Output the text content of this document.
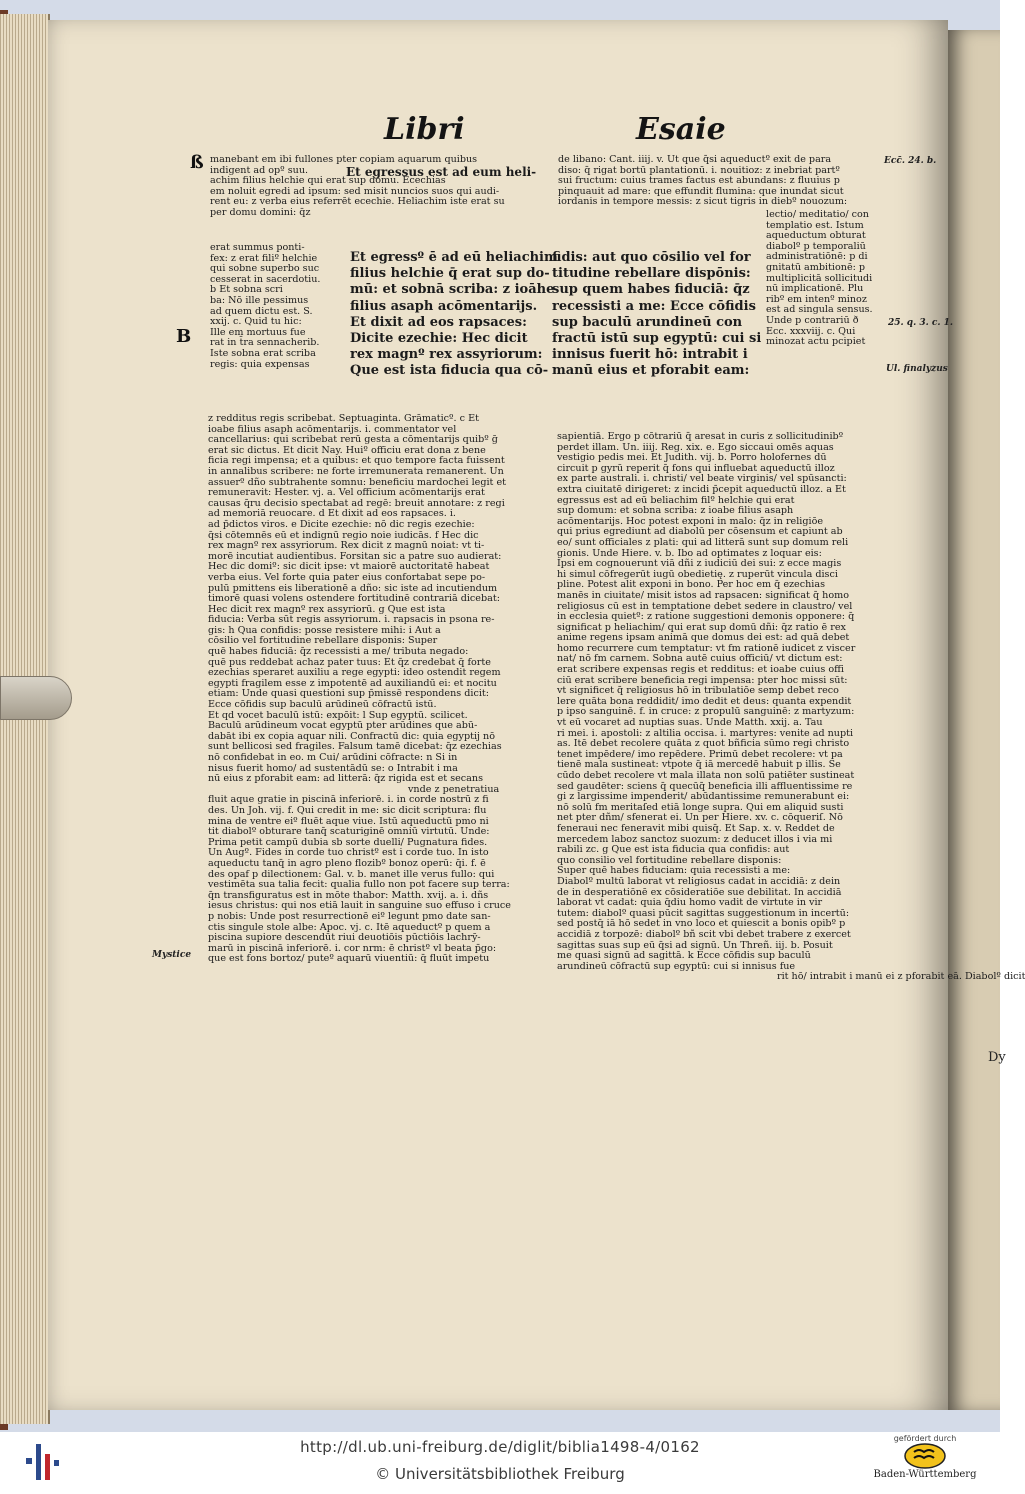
Dy
Libri	Esaie
ß manebant em ibi fullones pter copiam aquarum quibus
indigent ad opº suu.
achim filius helchie qui erat sup domu. Ecechias
em noluit egredi ad ipsum: sed misit nuncios suos qui audi-
rent eu: z verba eius referrēt ecechie. Heliachim iste erat su
per domu domini: q̄z
Et egressus est ad eum heli-
erat summus ponti-
fex: z erat filiº helchie
qui sobne superbo suc
cesserat in sacerdotiu.
b Et sobna scri
ba: Nō ille pessimus
ad quem dictu est. S.
xxij. c. Quid tu hic:
Ille em mortuus fue
rat in t̄ra sennacherib.
Iste sobna erat scriba
regis: quia expensas
B
Et egressº ē ad eū heliachim
filius helchie q̄ erat sup do-
mū: et sobnā scriba: z ioāhe
filius asaph acōmentarijs.
Et dixit ad eos rapsaces:
Dicite ezechie: Hec dicit
rex magnº rex assyriorum:
Que est ista fiducia qua cō-
z redditus regis scribebat. Septuaginta. Grāmaticº. c Et
ioabe filius asaph acōmentarijs. i. commentator vel
cancellarius: qui scribebat rerū gesta a cōmentarijs quibº ḡ
erat sic dictus. Et dicit Nay. Huiº officiu erat dona z bene
ficia regi impensa; et a quibus: et quo tempore facta fuissent
in annalibus scribere: ne forte irremunerata remanerent. Un
assuerº dño subtrahente somnu: beneficiu mardochei legit et
remuneravit: Hester. vj. a. Vel officium acōmentarijs erat
causas q̄ru decisio spectabat ad regē: breuit annotare: z regi
ad memoriā reuocare. d Et dixit ad eos rapsaces. i.
ad p̄dictos viros. e Dicite ezechie: nō dic regis ezechie:
q̄si cōtemnēs eū et indignū regio noie iudicās. f Hec dic
rex magnº rex assyriorum. Rex dicit z magnū noiat: vt ti-
morē incutiat audientibus. Forsitan sic a patre suo audierat:
Hec dic domiº: sic dicit ipse: vt maiorē auctoritatē habeat
verba eius. Vel forte quia pater eius confortabat sepe po-
pulū pmittens eis liberationē a dño: sic iste ad incutiendum
timorē quasi volens ostendere fortitudinē contrariā dicebat:
Hec dicit rex magnº rex assyriorū. g Que est ista
fiducia: Verba sūt regis assyriorum. i. rapsacis in psona re-
gis: h Qua confidis: posse resistere mihi: i Aut a
cōsilio vel fortitudine rebellare disponis: Super
quē habes fiduciā: q̄z recessisti a me/ tributa negado:
quē pus reddebat achaz pater tuus: Et q̄z credebat q̄ forte
ezechias speraret auxiliu a rege egypti: ideo ostendit regem
egypti fragilem esse z impotentē ad auxiliandū ei: et nocitu
etiam: Unde quasi questioni sup p̄missē respondens dicit:
Ecce cōfidis sup baculū arūdineū cōfractū istū.
Et qd vocet baculū istū: expōit: l Sup egyptū. scilicet.
Baculū arūdineum vocat egyptū pter arūdines que abū-
dabāt ibi ex copia aquar nili. Confractū dic: quia egyptij nō
sunt bellicosi sed fragiles. Falsum tamē dicebat: q̄z ezechias
nō confidebat in eo. m Cui/ arūdini cōfracte: n Si in
nisus fuerit homo/ ad sustentādū se: o Intrabit i ma
nū eius z pforabit eam: ad litterā: q̄z rigida est et secans
vnde z penetratiua
fluit aque gratie in piscinā inferiorē. i. in corde nostrū z fi
des. Un Joh. vij. f. Qui credit in me: sic dicit scriptura: flu
mina de ventre eiº fluēt aque viue. Istū aqueductū pmo ni
tit diabolº obturare tanq̄ scaturiginē omniū virtutū. Unde:
Prima petit campū dubia sb sorte duelli/ Pugnatura fides.
Un Augº. Fides in corde tuo christº est i corde tuo. In isto
aqueductu tanq̄ in agro pleno flozibº bonoz operū: q̄i. f. ē
des opaf p dilectionem: Gal. v. b. manet ille verus fullo: qui
vestimēta sua talia fecit: qualia fullo non pot facere sup terra:
q̄n transfiguratus est in mōte thabor: Matth. xvij. a. i. dñs
iesus christus: qui nos etiā lauit in sanguine suo effuso i cruce
p nobis: Unde post resurrectionē eiº legunt pmo date san-
ctis singule stole albe: Apoc. vj. c. Itē aqueductº p quem a
piscina supiore descendūt riui deuotiōis pūctiōis lachrȳ-
marū in piscinā inferiorē. i. cor nrm: ē christº vl beata p̄go:
que est fons bortoz/ puteº aquarū viuentiū: q̄ fluūt impetu
Mystice
de libano: Cant. iiij. v. Ut que q̄si aqueductº exit de para
diso: q̄ rigat bortū plantationū. i. nouitioz: z inebriat partº
sui fructum: cuius trames factus est abundans: z fluuius p
pinquauit ad mare: que effundit flumina: que inundat sicut
iordanis in tempore messis: z sicut tigris in diebº nouozum:
Ecc̄. 24. b.
fidis: aut quo cōsilio vel for
titudine rebellare dispōnis:
sup quem habes fiduciā: q̄z
recessisti a me: Ecce cōfidis
sup baculū arundineū con
fractū istū sup egyptū: cui si
innisus fuerit hō: intrabit i
manū eius et pforabit eam:
lectio/ meditatio/ con
templatio est. Istum
aqueductum obturat
diabolº p temporaliū
administratiōnē: p di
gnitatū ambitionē: p
multiplicitā sollicitudi
nū implicationē. Plu
ribº em intenº minoz
est ad singula sensus.
Unde p contrariū ð
Ecc. xxxviij. c. Qui
minozat actu pcipiet
25. q. 3. c. 1.
Ul. finalyzus
sapientiā. Ergo p cōtrariū q̄ aresat in curis z sollicitudinibº
perdet illam. Un. iiij. Reg. xix. e. Ego siccaui omēs aquas
vestigio pedis mei. Et Judith. vij. b. Porro holofernes dū
circuit p gyrū reperit q̄ fons qui influebat aqueductū illoz
ex parte australi. i. christi/ vel beate virginis/ vel spūsancti:
extra ciuitatē dirigeret: z incidi p̄cepit aqueductū illoz. a Et
egressus est ad eū beliachim filº helchie qui erat
sup domum: et sobna scriba: z ioabe filius asaph
acōmentarijs. Hoc potest exponi in malo: q̄z in religiōe
qui prius egrediunt ad diabolū per cōsensum et capiunt ab
eo/ sunt officiales z plati: qui ad litterā sunt sup domum reli
gionis. Unde Hiere. v. b. Ibo ad optimates z loquar eis:
Ipsi em cognouerunt viā dñi z iudiciū dei sui: z ecce magis
hi simul cōfregerūt iugū obedietię. z ruperūt vincula disci
pline. Potest alit exponi in bono. Per hoc em q̄ ezechias
manēs in ciuitate/ misit istos ad rapsacen: significat q̄ homo
religiosus cū est in temptatione debet sedere in claustro/ vel
in ecclesia quietº: z ratione suggestioni demonis opponere: q̄
significat p heliachim/ qui erat sup domū dñi: q̄z ratio ē rex
anime regens ipsam animā que domus dei est: ad quā debet
homo recurrere cum temptatur: vt fm rationē iudicet z viscer
nat/ nō fm carnem. Sobna autē cuius officiū/ vt dictum est:
erat scribere expensas regis et redditus: et ioabe cuius offi
ciū erat scribere beneficia regi impensa: pter hoc missi sūt:
vt significet q̄ religiosus hō in tribulatiōe semp debet reco
lere quāta bona reddidit/ imo dedit et deus: quanta expendit
p ipso sanguinē. f. in cruce: z propulū sanguinē: z martyzum:
vt eū vocaret ad nuptias suas. Unde Matth. xxij. a. Tau
ri mei. i. apostoli: z altilia occisa. i. martyres: venite ad nupti
as. Itē debet recolere quāta z quot bñficia sūmo regi christo
tenet impēdere/ imo repēdere. Primū debet recolere: vt pa
tienē mala sustineat: vtpote q̄ iā mercedē habuit p illis. Se
cūdo debet recolere vt mala illata non solū patiēter sustineat
sed gaudēter: sciens q̄ quecūq̄ beneficia illi affluentissime re
gi z largissime impenderit/ abūdantissime remunerabunt ei:
nō solū fm meritaſed etiā longe supra. Qui em aliquid susti
net pter dñm/ sfenerat ei. Un per Hiere. xv. c. cōqueriſ. Nō
feneraui nec feneravit mibi quisq̄. Et Sap. x. v. Reddet de
mercedem laboz sanctoz suozum: z deducet illos i via mi
rabili zc. g Que est ista fiducia qua confidis: aut
quo consilio vel fortitudine rebellare disponis:
Super quē habes fiduciam: quia recessisti a me:
Diabolº multū laborat vt religiosus cadat in accidiā: z dein
de in desperatiōnē ex cōsideratiōe sue debilitat. In accidiā
laborat vt cadat: quia q̄diu homo vadit de virtute in vir
tutem: diabolº quasi pūcit sagittas suggestionum in incertū:
sed postq̄ iā hō sedet in vno loco et quiescit a bonis opibº p
accidiā z torpozē: diabolº bñ scit vbi debet trabere z exercet
sagittas suas sup eū q̄si ad signū. Un Threñ. iij. b. Posuit
me quasi signū ad sagittā. k Ecce cōfidis sup baculū
arundineū cōfractū sup egyptū: cui si innisus fue
rit hō/ intrabit i manū ei z pforabit eā. Diabolº dicit
http://dl.ub.uni-freiburg.de/diglit/biblia1498-4/0162
© Universitätsbibliothek Freiburg
gefördert durch
Baden-Württemberg
